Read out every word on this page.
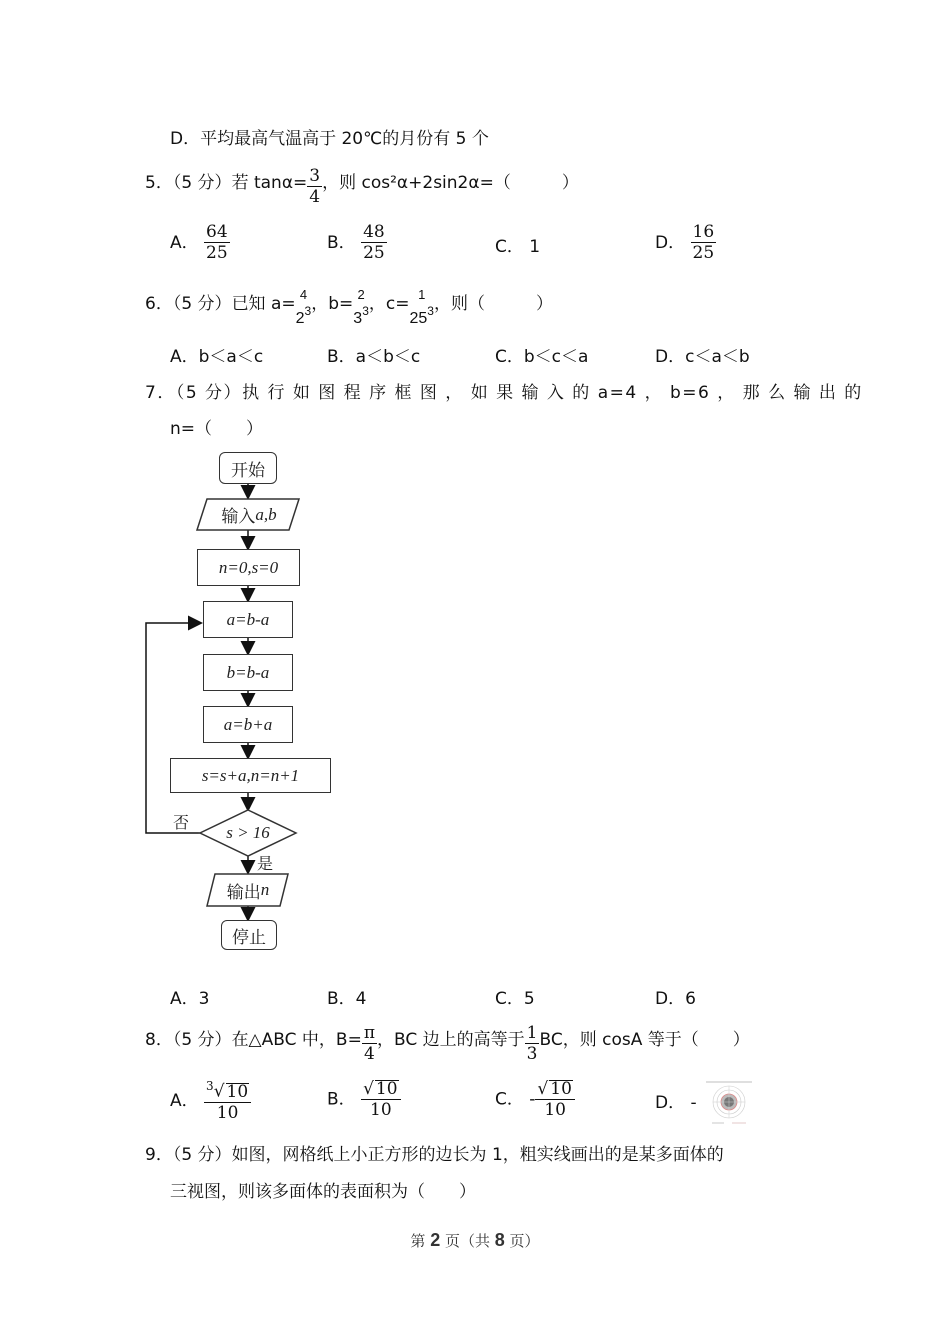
D．平均最高气温高于 20℃的月份有 5 个
5．（5 分）若 $\tan\alpha= \frac{3}{4}$ ，则 cos²α+2sin2α=（　　　）
A． $\frac{64}{25}$	B． $\frac{48}{25}$	C． 1	D． $\frac{16}{25}$
6．（5 分）已知 a= 4
$2^3$ ，b= 2
$3^3$ ，c= 1
$25^3$ ，则（　　　）
A．b＜a＜c	B．a＜b＜c	C．b＜c＜a	D．c＜a＜b
7．（5 分）执 行 如 图 程 序 框 图 ， 如 果 输 入 的 a=4 ， b=6 ， 那 么 输 出 的
n=（　　）
开始
输入 a,b
n=0,s=0
a=b-a
b=b-a
a=b+a
s=s+a,n=n+1
s > 16
否
是
输出 n
停止
A．3	B．4	C．5	D．6
8．（5 分）在△ABC 中，$B= \frac{\pi}{4}$ ，BC 边上的高等于 $\frac{1}{3}$ BC，则 cosA 等于（　　）
A． $\frac{^3√ 10}{10}$	B． $\frac{√ 10}{10}$	C． - $\frac{√ 10}{10}$	D． -
9．（5 分）如图，网格纸上小正方形的边长为 1，粗实线画出的是某多面体的
三视图，则该多面体的表面积为（　　）
第 2 页（共 8 页）
